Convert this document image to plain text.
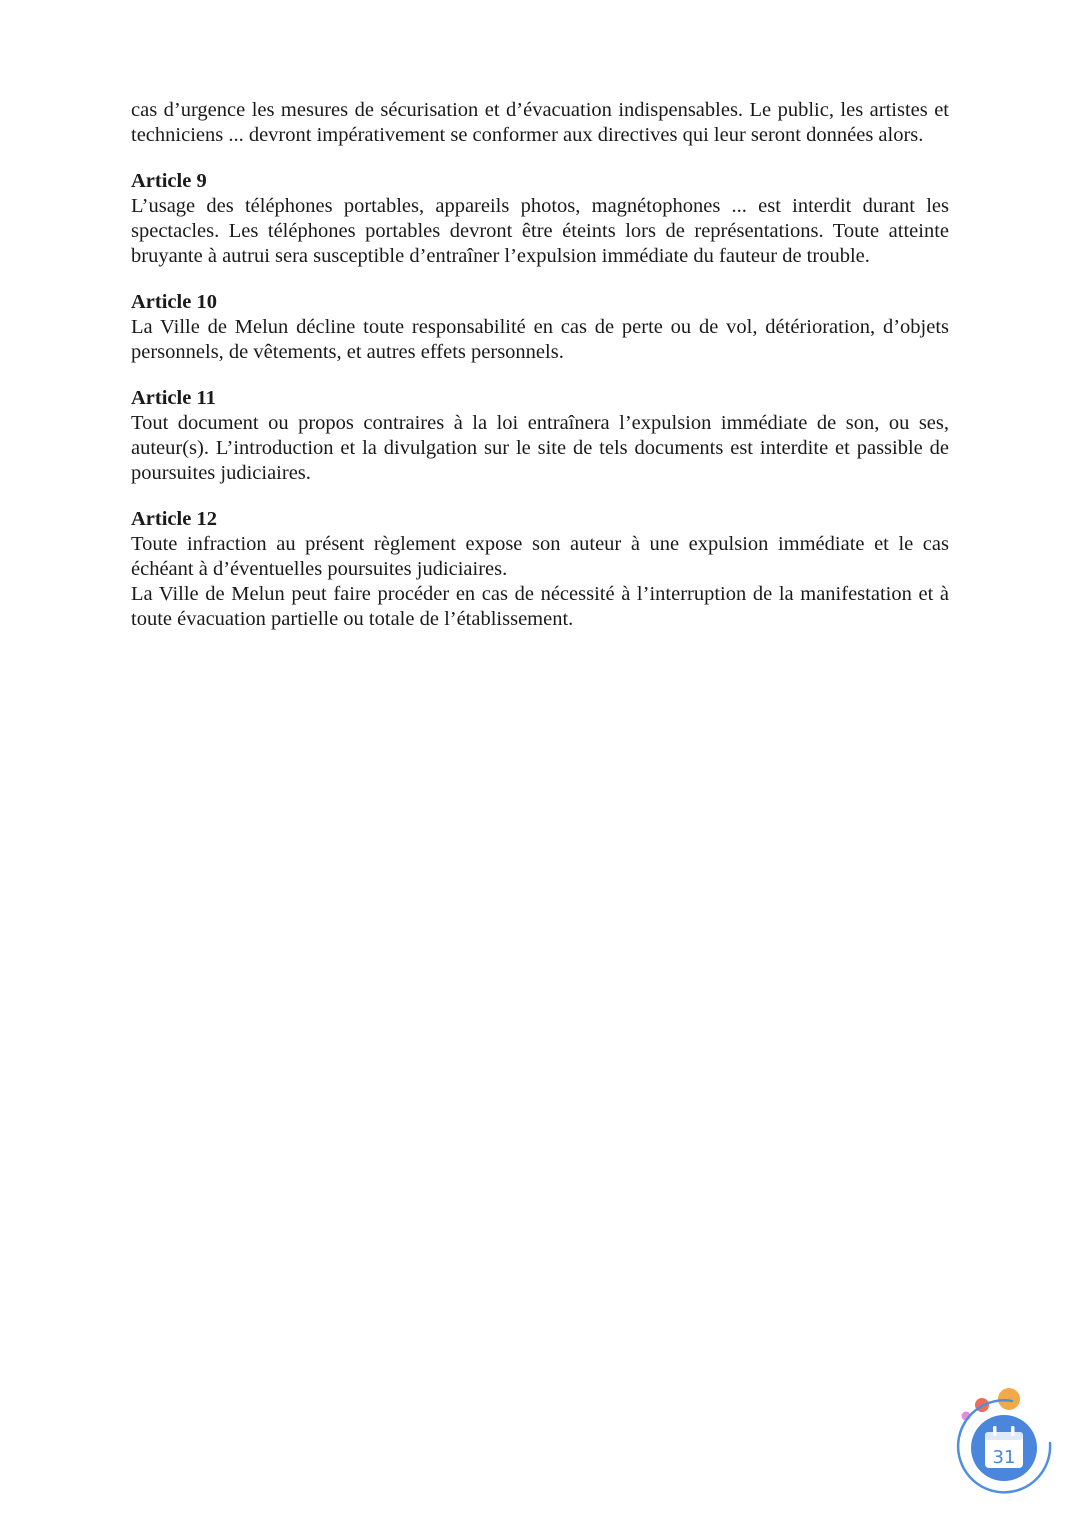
cas d’urgence les mesures de sécurisation et d’évacuation indispensables. Le public, les artistes et techniciens ... devront impérativement se conformer aux directives qui leur seront données alors.

Article 9

L’usage des téléphones portables, appareils photos, magnétophones ... est interdit durant les spectacles. Les téléphones portables devront être éteints lors de représentations. Toute atteinte bruyante à autrui sera susceptible d’entraîner l’expulsion immédiate du fauteur de trouble.

Article 10

La Ville de Melun décline toute responsabilité en cas de perte ou de vol, détérioration, d’objets personnels, de vêtements, et autres effets personnels.

Article 11

Tout document ou propos contraires à la loi entraînera l’expulsion immédiate de son, ou ses, auteur(s). L’introduction et la divulgation sur le site de tels documents est interdite et passible de poursuites judiciaires.

Article 12

Toute infraction au présent règlement expose son auteur à une expulsion immédiate et le cas échéant à d’éventuelles poursuites judiciaires.

La Ville de Melun peut faire procéder en cas de nécessité à l’interruption de la manifestation et à toute évacuation partielle ou totale de l’établissement.

31
